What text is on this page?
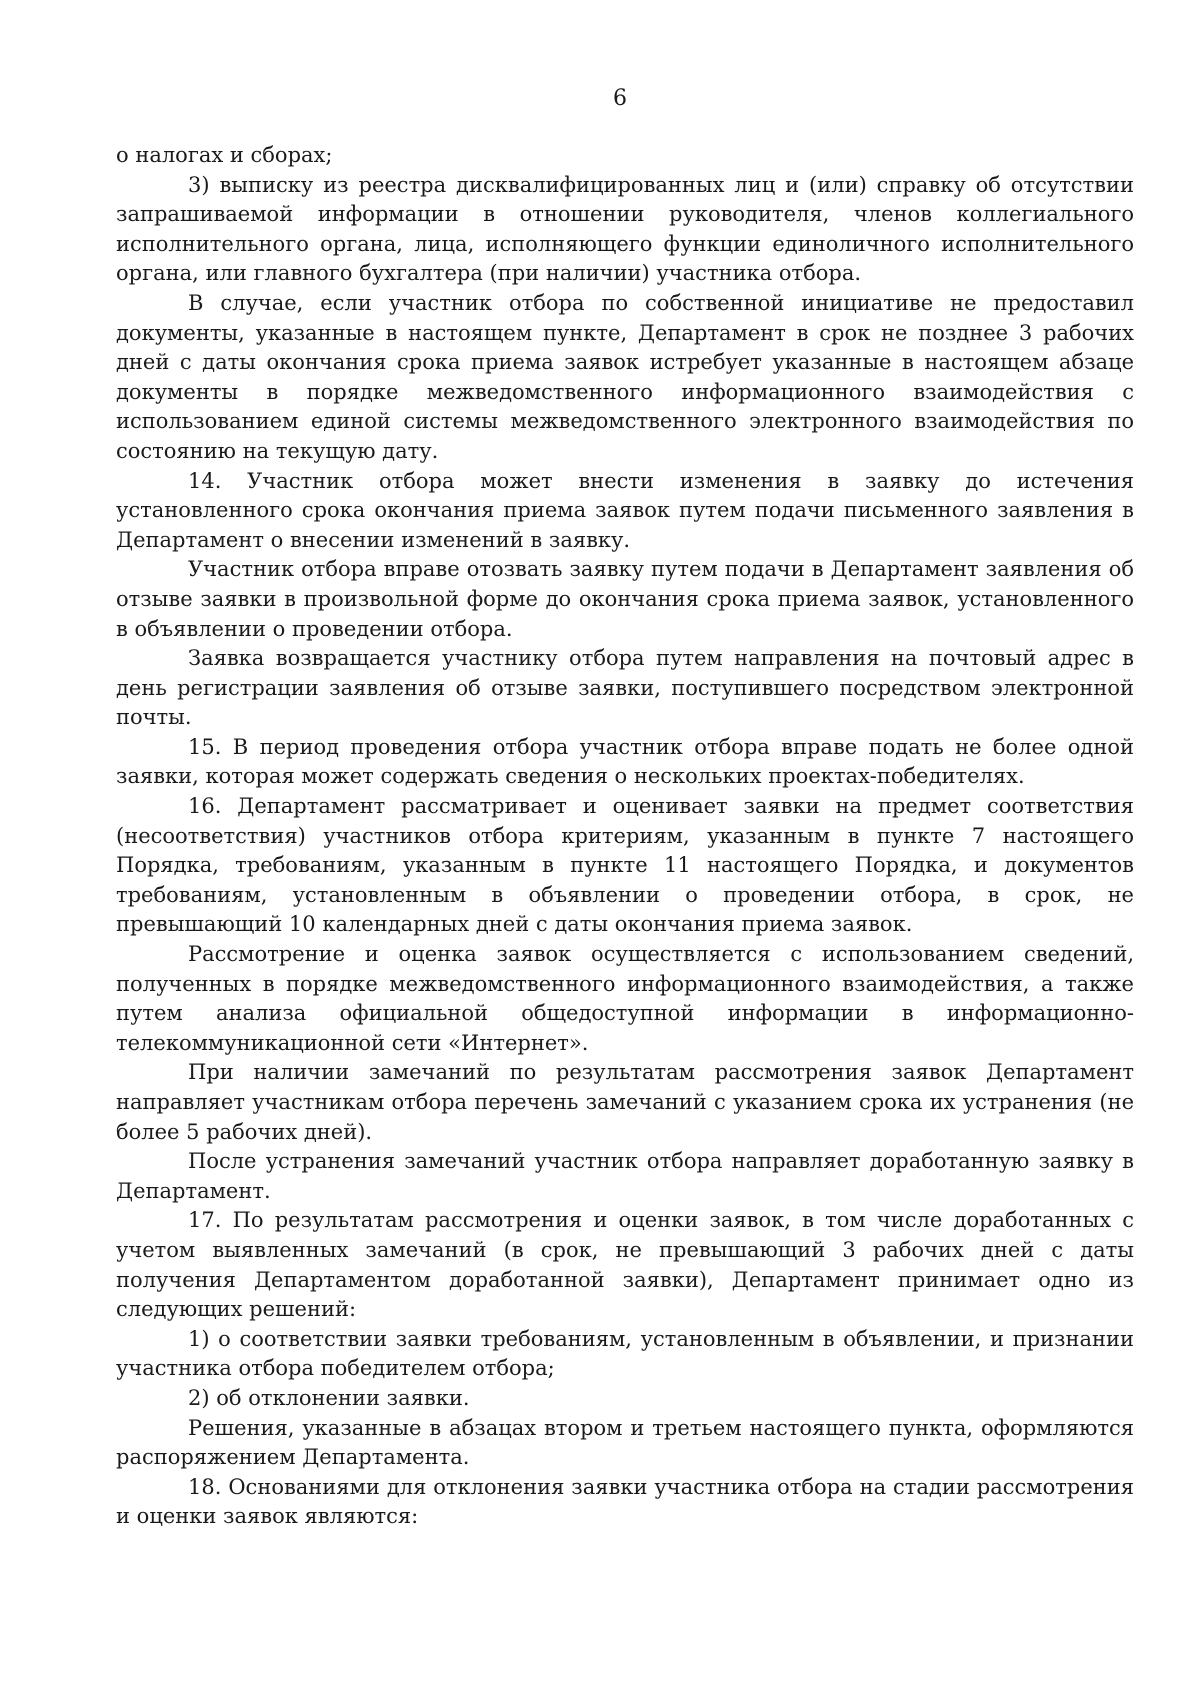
6

о налогах и сборах;

3) выписку из реестра дисквалифицированных лиц и (или) справку об отсутствии запрашиваемой информации в отношении руководителя, членов коллегиального исполнительного органа, лица, исполняющего функции единоличного исполнительного органа, или главного бухгалтера (при наличии) участника отбора.

В случае, если участник отбора по собственной инициативе не предоставил документы, указанные в настоящем пункте, Департамент в срок не позднее 3 рабочих дней с даты окончания срока приема заявок истребует указанные в настоящем абзаце документы в порядке межведомственного информационного взаимодействия с использованием единой системы межведомственного электронного взаимодействия по состоянию на текущую дату.

14. Участник отбора может внести изменения в заявку до истечения установленного срока окончания приема заявок путем подачи письменного заявления в Департамент о внесении изменений в заявку.

Участник отбора вправе отозвать заявку путем подачи в Департамент заявления об отзыве заявки в произвольной форме до окончания срока приема заявок, установленного в объявлении о проведении отбора.

Заявка возвращается участнику отбора путем направления на почтовый адрес в день регистрации заявления об отзыве заявки, поступившего посредством электронной почты.

15. В период проведения отбора участник отбора вправе подать не более одной заявки, которая может содержать сведения о нескольких проектах-победителях.

16. Департамент рассматривает и оценивает заявки на предмет соответствия (несоответствия) участников отбора критериям, указанным в пункте 7 настоящего Порядка, требованиям, указанным в пункте 11 настоящего Порядка, и документов требованиям, установленным в объявлении о проведении отбора, в срок, не превышающий 10 календарных дней с даты окончания приема заявок.

Рассмотрение и оценка заявок осуществляется с использованием сведений, полученных в порядке межведомственного информационного взаимодействия, а также путем анализа официальной общедоступной информации в информационно-телекоммуникационной сети «Интернет».

При наличии замечаний по результатам рассмотрения заявок Департамент направляет участникам отбора перечень замечаний с указанием срока их устранения (не более 5 рабочих дней).

После устранения замечаний участник отбора направляет доработанную заявку в Департамент.

17. По результатам рассмотрения и оценки заявок, в том числе доработанных с учетом выявленных замечаний (в срок, не превышающий 3 рабочих дней с даты получения Департаментом доработанной заявки), Департамент принимает одно из следующих решений:

1) о соответствии заявки требованиям, установленным в объявлении, и признании участника отбора победителем отбора;

2) об отклонении заявки.

Решения, указанные в абзацах втором и третьем настоящего пункта, оформляются распоряжением Департамента.

18. Основаниями для отклонения заявки участника отбора на стадии рассмотрения и оценки заявок являются:
